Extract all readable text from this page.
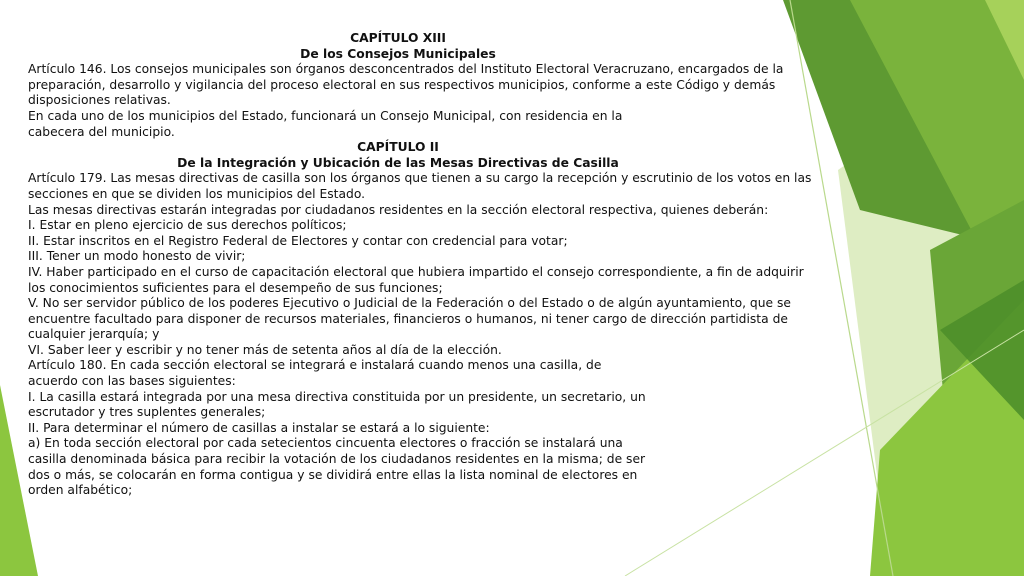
CAPÍTULO XIII
De los Consejos Municipales
Artículo 146. Los consejos municipales son órganos desconcentrados del Instituto Electoral Veracruzano, encargados de la
preparación, desarrollo y vigilancia del proceso electoral en sus respectivos municipios, conforme a este Código y demás
disposiciones relativas.
En cada uno de los municipios del Estado, funcionará un Consejo Municipal, con residencia en la
cabecera del municipio.
CAPÍTULO II
De la Integración y Ubicación de las Mesas Directivas de Casilla
Artículo 179. Las mesas directivas de casilla son los órganos que tienen a su cargo la recepción y escrutinio de los votos en las
secciones en que se dividen los municipios del Estado.
Las mesas directivas estarán integradas por ciudadanos residentes en la sección electoral respectiva, quienes deberán:
I. Estar en pleno ejercicio de sus derechos políticos;
II. Estar inscritos en el Registro Federal de Electores y contar con credencial para votar;
III. Tener un modo honesto de vivir;
IV. Haber participado en el curso de capacitación electoral que hubiera impartido el consejo correspondiente, a fin de adquirir
los conocimientos suficientes para el desempeño de sus funciones;
V. No ser servidor público de los poderes Ejecutivo o Judicial de la Federación o del Estado o de algún ayuntamiento, que se
encuentre facultado para disponer de recursos materiales, financieros o humanos, ni tener cargo de dirección partidista de
cualquier jerarquía; y
VI. Saber leer y escribir y no tener más de setenta años al día de la elección.
Artículo 180. En cada sección electoral se integrará e instalará cuando menos una casilla, de
acuerdo con las bases siguientes:
I. La casilla estará integrada por una mesa directiva constituida por un presidente, un secretario, un
escrutador y tres suplentes generales;
II. Para determinar el número de casillas a instalar se estará a lo siguiente:
a) En toda sección electoral por cada setecientos cincuenta electores o fracción se instalará una
casilla denominada básica para recibir la votación de los ciudadanos residentes en la misma; de ser
dos o más, se colocarán en forma contigua y se dividirá entre ellas la lista nominal de electores en
orden alfabético;
